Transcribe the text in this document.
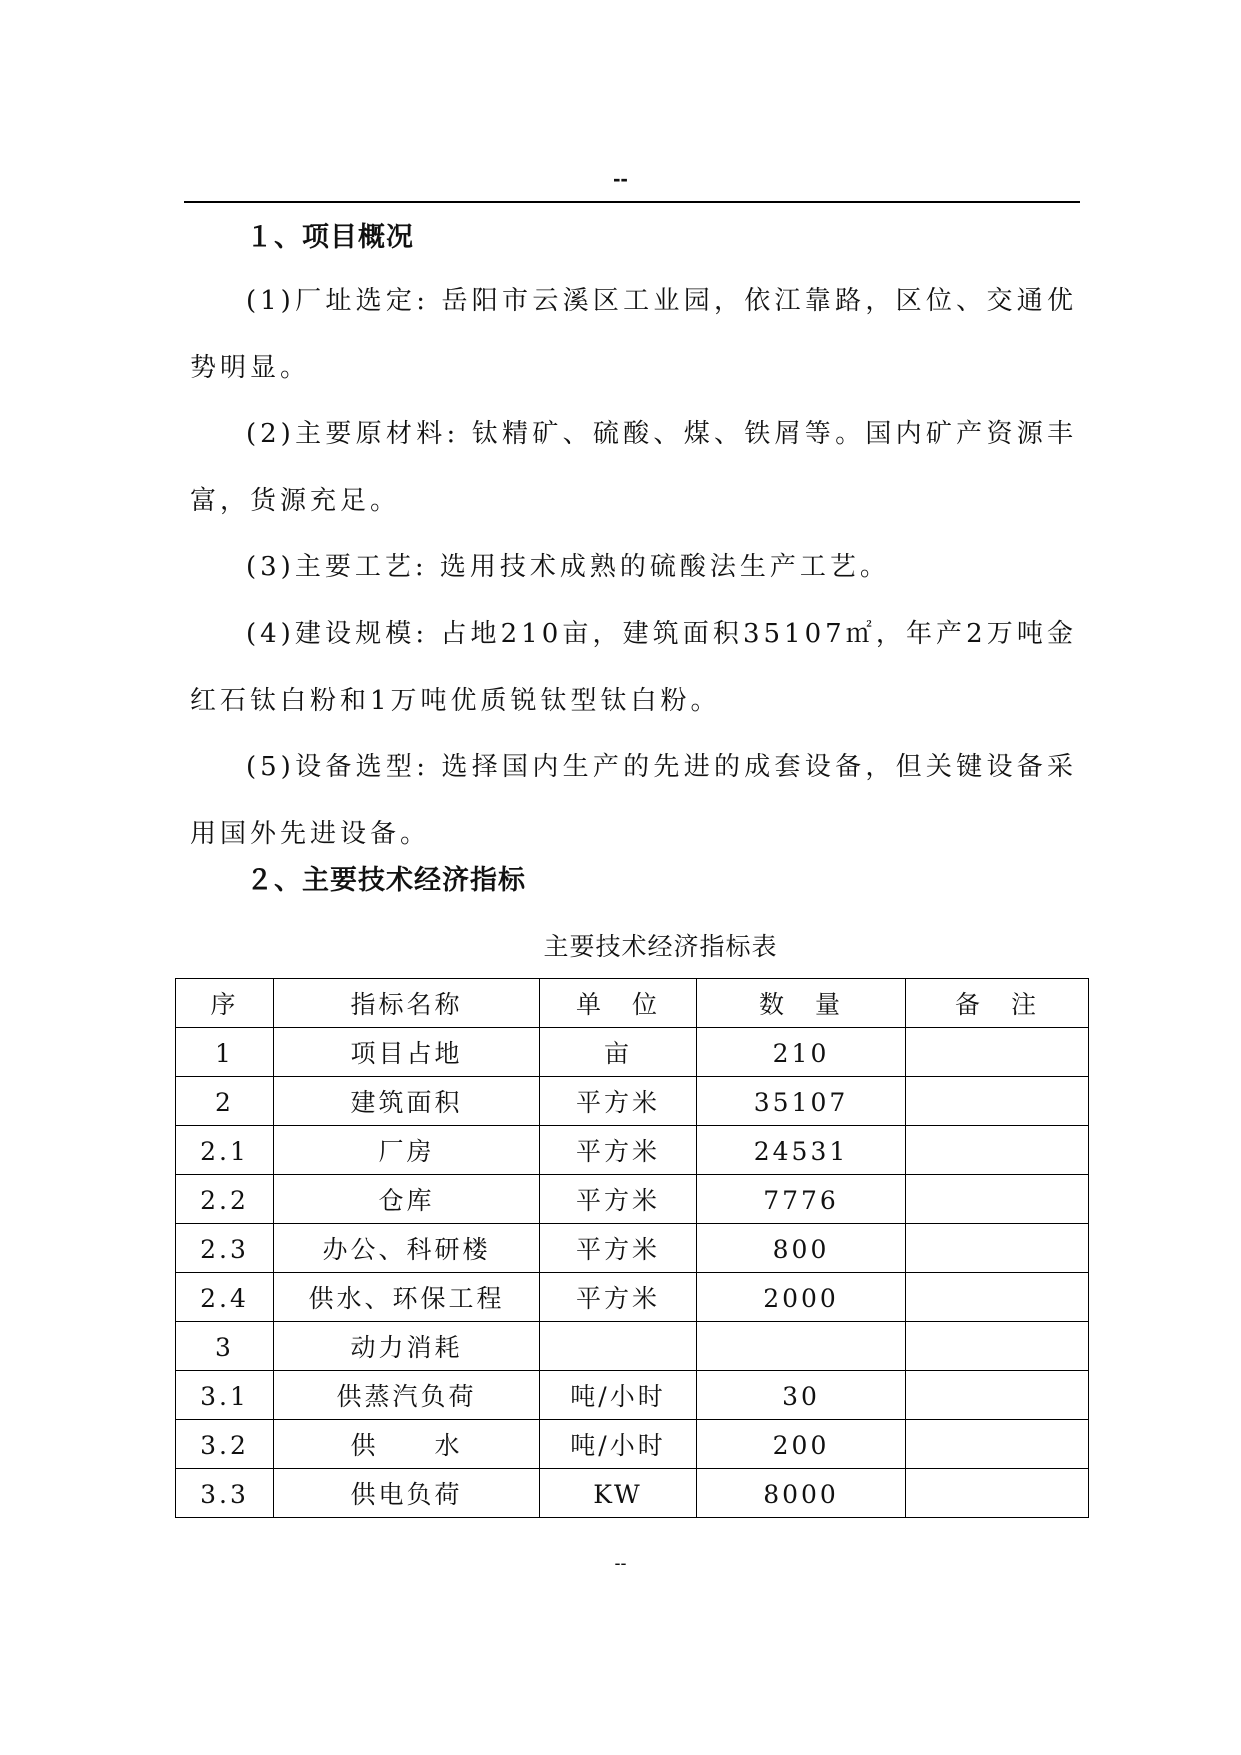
--
１、项目概况
(1)厂址选定: 岳阳市云溪区工业园，依江靠路，区位、交通优势明显。
(2)主要原材料: 钛精矿、硫酸、煤、铁屑等。国内矿产资源丰富，货源充足。
(3)主要工艺: 选用技术成熟的硫酸法生产工艺。
(4)建设规模: 占地210亩，建筑面积35107㎡，年产2万吨金红石钛白粉和1万吨优质锐钛型钛白粉。
(5)设备选型: 选择国内生产的先进的成套设备，但关键设备采用国外先进设备。
２、主要技术经济指标
主要技术经济指标表
序	指标名称	单　位	数　量	备　注
1	项目占地	亩	210	
2	建筑面积	平方米	35107	
2.1	厂房	平方米	24531	
2.2	仓库	平方米	7776	
2.3	办公、科研楼	平方米	800	
2.4	供水、环保工程	平方米	2000	
3	动力消耗			
3.1	供蒸汽负荷	吨/小时	30	
3.2	供　　水	吨/小时	200	
3.3	供电负荷	KW	8000	
--
